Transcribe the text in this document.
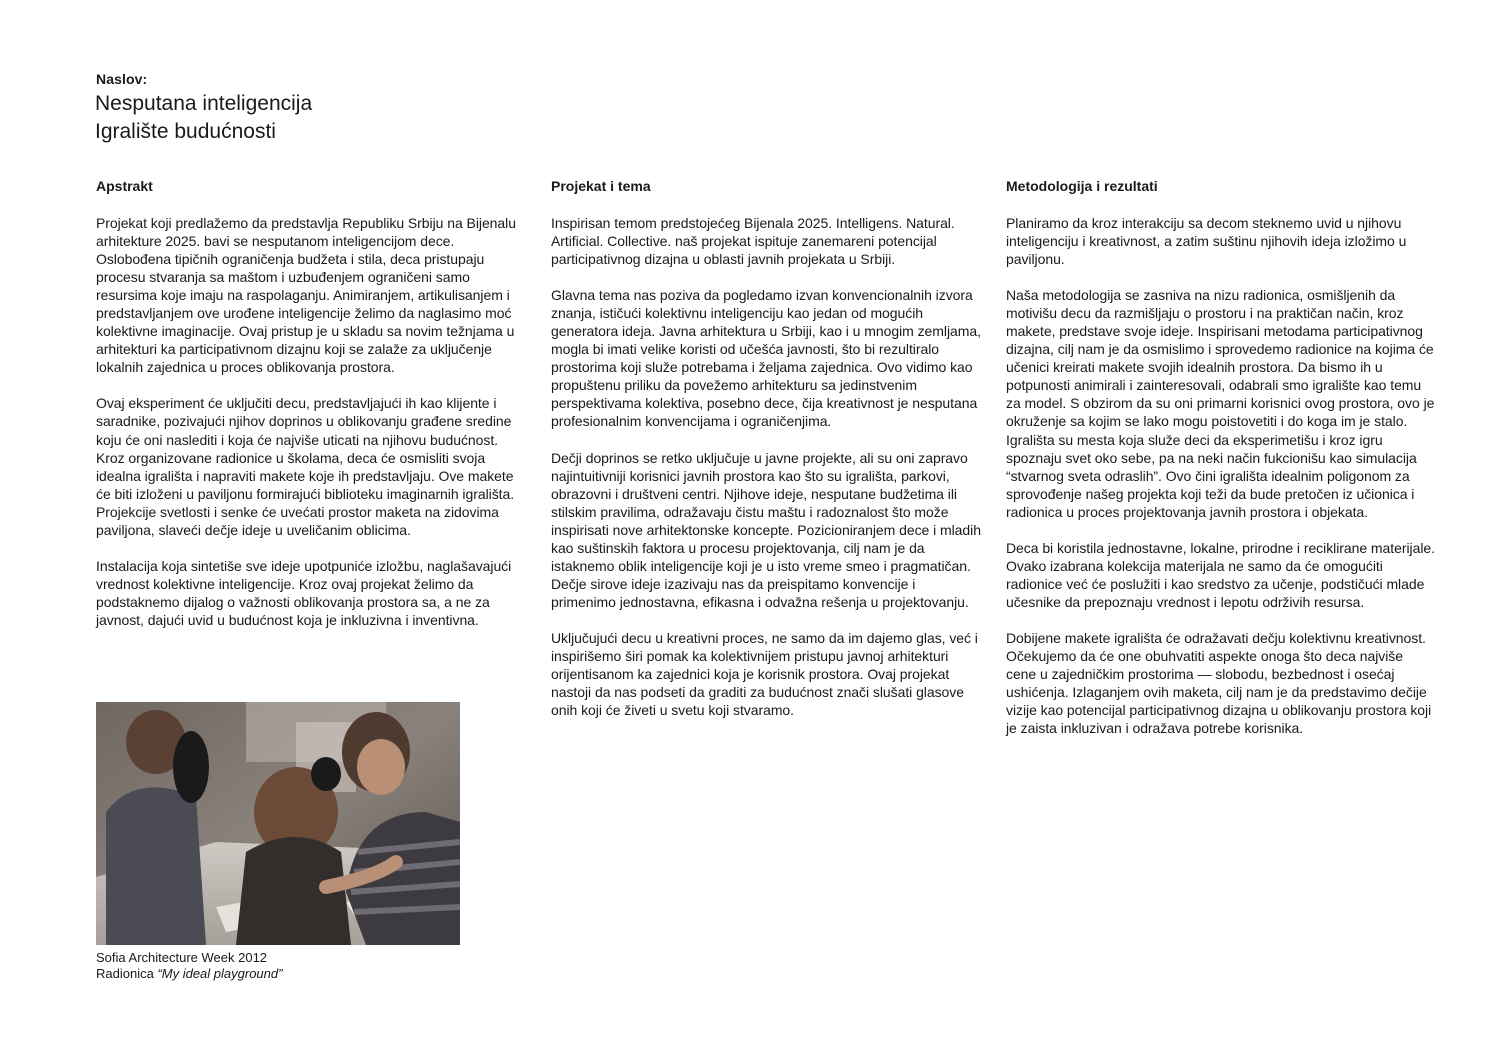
Naslov:
Nesputana inteligencija
Igralište budućnosti
Apstrakt

Projekat koji predlažemo da predstavlja Republiku Srbiju na Bijenalu arhitekture 2025. bavi se nesputanom inteligencijom dece. Oslobođena tipičnih ograničenja budžeta i stila, deca pristupaju procesu stvaranja sa maštom i uzbuđenjem ograničeni samo resursima koje imaju na raspolaganju. Animiranjem, artikulisanjem i predstavljanjem ove urođene inteligencije želimo da naglasimo moć kolektivne imaginacije. Ovaj pristup je u skladu sa novim težnjama u arhitekturi ka participativnom dizajnu koji se zalaže za uključenje lokalnih zajednica u proces oblikovanja prostora.

Ovaj eksperiment će uključiti decu, predstavljajući ih kao klijente i saradnike, pozivajući njihov doprinos u oblikovanju građene sredine koju će oni naslediti i koja će najviše uticati na njihovu budućnost. Kroz organizovane radionice u školama, deca će osmisliti svoja idealna igrališta i napraviti makete koje ih predstavljaju. Ove makete će biti izloženi u paviljonu formirajući biblioteku imaginarnih igrališta. Projekcije svetlosti i senke će uvećati prostor maketa na zidovima paviljona, slaveći dečje ideje u uveličanim oblicima.

Instalacija koja sintetiše sve ideje upotpuniće izložbu, naglašavajući vrednost kolektivne inteligencije. Kroz ovaj projekat želimo da podstaknemo dijalog o važnosti oblikovanja prostora sa, a ne za javnost, dajući uvid u budućnost koja je inkluzivna i inventivna.

Projekat i tema

Inspirisan temom predstojećeg Bijenala 2025. Intelligens. Natural. Artificial. Collective. naš projekat ispituje zanemareni potencijal participativnog dizajna u oblasti javnih projekata u Srbiji.

Glavna tema nas poziva da pogledamo izvan konvencionalnih izvora znanja, ističući kolektivnu inteligenciju kao jedan od mogućih generatora ideja. Javna arhitektura u Srbiji, kao i u mnogim zemljama, mogla bi imati velike koristi od učešća javnosti, što bi rezultiralo prostorima koji služe potrebama i željama zajednica. Ovo vidimo kao propuštenu priliku da povežemo arhitekturu sa jedinstvenim perspektivama kolektiva, posebno dece, čija kreativnost je nesputana profesionalnim konvencijama i ograničenjima.

Dečji doprinos se retko uključuje u javne projekte, ali su oni zapravo najintuitivniji korisnici javnih prostora kao što su igrališta, parkovi, obrazovni i društveni centri. Njihove ideje, nesputane budžetima ili stilskim pravilima, odražavaju čistu maštu i radoznalost što može inspirisati nove arhitektonske koncepte. Pozicioniranjem dece i mladih kao suštinskih faktora u procesu projektovanja, cilj nam je da istaknemo oblik inteligencije koji je u isto vreme smeo i pragmatičan. Dečje sirove ideje izazivaju nas da preispitamo konvencije i primenimo jednostavna, efikasna i odvažna rešenja u projektovanju.

Uključujući decu u kreativni proces, ne samo da im dajemo glas, već i inspirišemo širi pomak ka kolektivnijem pristupu javnoj arhitekturi orijentisanom ka zajednici koja je korisnik prostora. Ovaj projekat nastoji da nas podseti da graditi za budućnost znači slušati glasove onih koji će živeti u svetu koji stvaramo.

Metodologija i rezultati

Planiramo da kroz interakciju sa decom steknemo uvid u njihovu inteligenciju i kreativnost, a zatim suštinu njihovih ideja izložimo u paviljonu.

Naša metodologija se zasniva na nizu radionica, osmišljenih da motivišu decu da razmišljaju o prostoru i na praktičan način, kroz makete, predstave svoje ideje. Inspirisani metodama participativnog dizajna, cilj nam je da osmislimo i sprovedemo radionice na kojima će učenici kreirati makete svojih idealnih prostora. Da bismo ih u potpunosti animirali i zainteresovali, odabrali smo igralište kao temu za model. S obzirom da su oni primarni korisnici ovog prostora, ovo je okruženje sa kojim se lako mogu poistovetiti i do koga im je stalo. Igrališta su mesta koja služe deci da eksperimetišu i kroz igru spoznaju svet oko sebe, pa na neki način fukcionišu kao simulacija “stvarnog sveta odraslih”. Ovo čini igrališta idealnim poligonom za sprovođenje našeg projekta koji teži da bude pretočen iz učionica i radionica u proces projektovanja javnih prostora i objekata.

Deca bi koristila jednostavne, lokalne, prirodne i reciklirane materijale. Ovako izabrana kolekcija materijala ne samo da će omogućiti radionice već će poslužiti i kao sredstvo za učenje, podstičući mlade učesnike da prepoznaju vrednost i lepotu održivih resursa.

Dobijene makete igrališta će odražavati dečju kolektivnu kreativnost. Očekujemo da će one obuhvatiti aspekte onoga što deca najviše cene u zajedničkim prostorima — slobodu, bezbednost i osećaj ushićenja. Izlaganjem ovih maketa, cilj nam je da predstavimo dečije vizije kao potencijal participativnog dizajna u oblikovanju prostora koji je zaista inkluzivan i odražava potrebe korisnika.

Sofia Architecture Week 2012
Radionica “My ideal playground”
